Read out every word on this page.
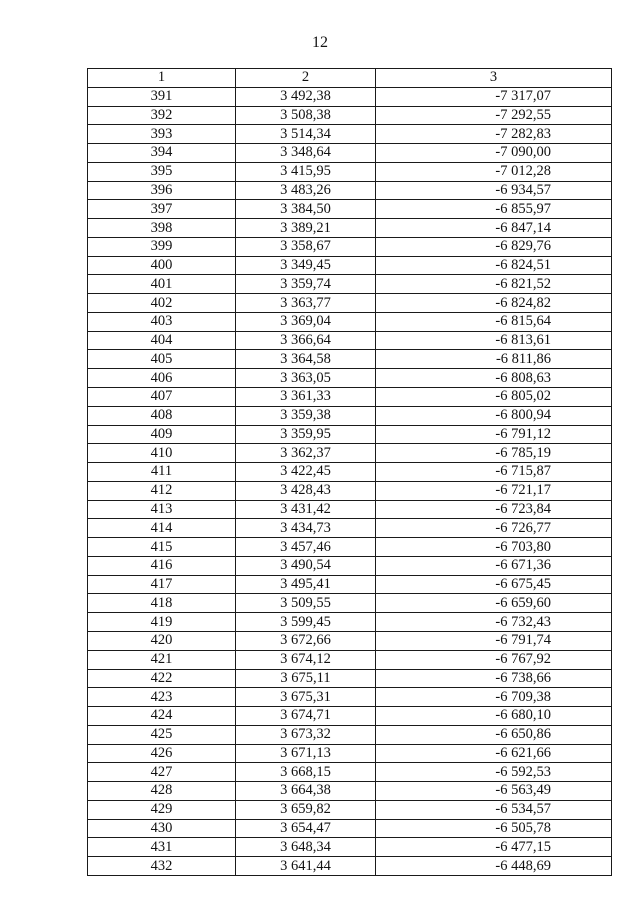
12
1	2	3
391	3 492,38	-7 317,07
392	3 508,38	-7 292,55
393	3 514,34	-7 282,83
394	3 348,64	-7 090,00
395	3 415,95	-7 012,28
396	3 483,26	-6 934,57
397	3 384,50	-6 855,97
398	3 389,21	-6 847,14
399	3 358,67	-6 829,76
400	3 349,45	-6 824,51
401	3 359,74	-6 821,52
402	3 363,77	-6 824,82
403	3 369,04	-6 815,64
404	3 366,64	-6 813,61
405	3 364,58	-6 811,86
406	3 363,05	-6 808,63
407	3 361,33	-6 805,02
408	3 359,38	-6 800,94
409	3 359,95	-6 791,12
410	3 362,37	-6 785,19
411	3 422,45	-6 715,87
412	3 428,43	-6 721,17
413	3 431,42	-6 723,84
414	3 434,73	-6 726,77
415	3 457,46	-6 703,80
416	3 490,54	-6 671,36
417	3 495,41	-6 675,45
418	3 509,55	-6 659,60
419	3 599,45	-6 732,43
420	3 672,66	-6 791,74
421	3 674,12	-6 767,92
422	3 675,11	-6 738,66
423	3 675,31	-6 709,38
424	3 674,71	-6 680,10
425	3 673,32	-6 650,86
426	3 671,13	-6 621,66
427	3 668,15	-6 592,53
428	3 664,38	-6 563,49
429	3 659,82	-6 534,57
430	3 654,47	-6 505,78
431	3 648,34	-6 477,15
432	3 641,44	-6 448,69
